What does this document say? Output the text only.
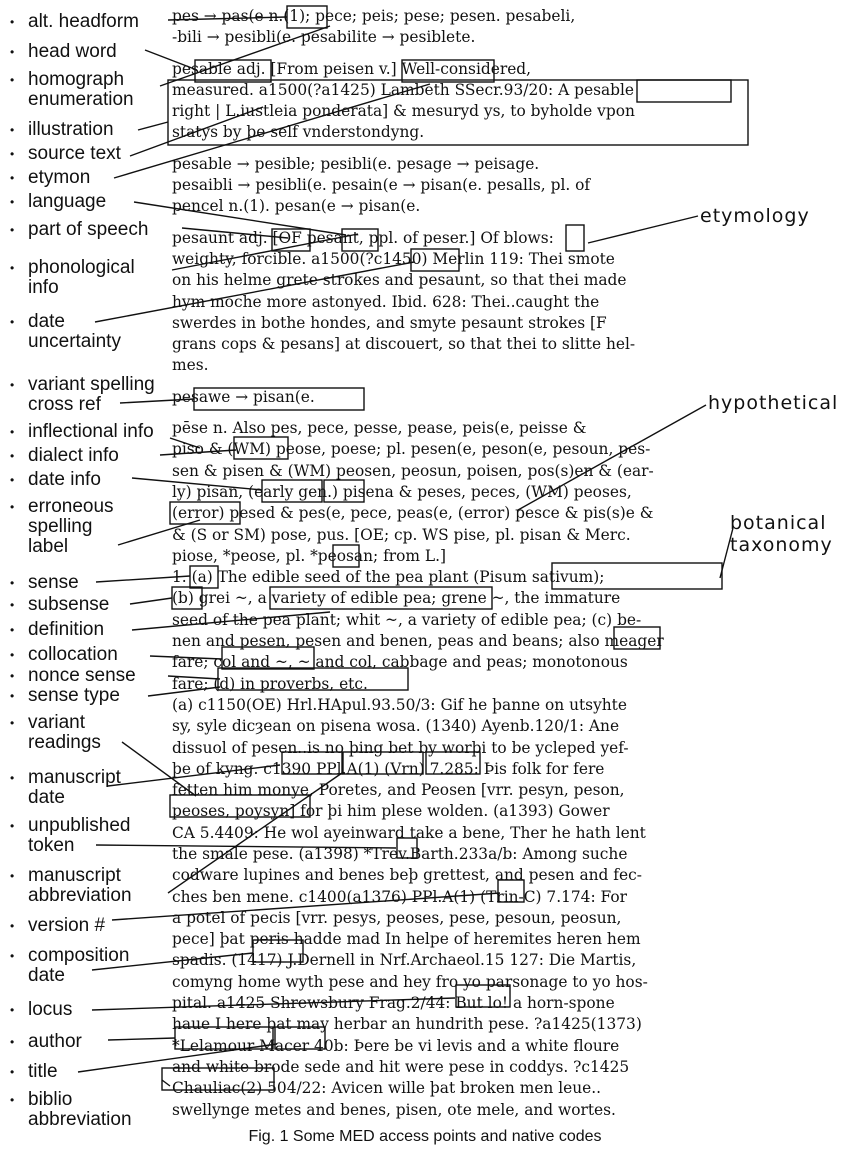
• alt. headform
• head word
• homograph
enumeration
• illustration
• source text
• etymon
• language
• part of speech
• phonological
info
• date
uncertainty
• variant spelling
cross ref
• inflectional info
• dialect info
• date info
• erroneous
spelling
label
• sense
• subsense
• definition
• collocation
• nonce sense
• sense type
• variant
readings
• manuscript
date
• unpublished
token
• manuscript
abbreviation
• version #
• composition
date
• locus
• author
• title
• biblio
abbreviation

pes → pas(e n.(1); pece; peis; pese; pesen. pesabeli,

-bili → pesibli(e. pesabilite → pesiblete.

pesable adj. [From peisen v.] Well-considered,

measured. a1500(?a1425) Lambeth SSecr.93/20: A pesable

right | L.iustleia ponderata] & mesuryd ys, to byholde vpon

statys by þe self vnderstondyng.

pesable → pesible; pesibli(e. pesage → peisage.

pesaibli → pesibli(e. pesain(e → pisan(e. pesalls, pl. of

pencel n.(1). pesan(e → pisan(e.

pesaunt adj. [OF pesant, ppl. of peser.] Of blows:

weighty, forcible. a1500(?c1450) Merlin 119: Thei smote

on his helme grete strokes and pesaunt, so that thei made

hym moche more astonyed. Ibid. 628: Thei..caught the

swerdes in bothe hondes, and smyte pesaunt strokes [F

grans cops & pesans] at discouert, so that thei to slitte hel-

mes.

pesawe → pisan(e.

pēse n. Also pes, pece, pesse, pease, peis(e, peisse &

piso & (WM) peose, poese; pl. pesen(e, peson(e, pesoun, pes-

sen & pisen & (WM) peosen, peosun, poisen, pos(s)en & (ear-

ly) pisan, (early gen.) pisena & peses, peces, (WM) peoses,

(error) pesed & pes(e, pece, peas(e, (error) pesce & pis(s)e &

& (S or SM) pose, pus. [OE; cp. WS pise, pl. pisan & Merc.

piose, *peose, pl. *peosan; from L.]

1. (a) The edible seed of the pea plant (Pisum sativum);

(b) grei ~, a variety of edible pea; grene ~, the immature

seed of the pea plant; whit ~, a variety of edible pea; (c) be-

nen and pesen, pesen and benen, peas and beans; also meager

fare; col and ~, ~ and col, cabbage and peas; monotonous

fare; (d) in proverbs, etc.

(a) c1150(OE) Hrl.HApul.93.50/3: Gif he þanne on utsyhte

sy, syle dicȝean on pisena wosa. (1340) Ayenb.120/1: Ane

dissuol of pesen..is no þing bet by worþi to be ycleped yef-

þe of kyng. c1390 PPl.A(1) (Vrn) 7.285: Þis folk for fere

fetten him monye, Poretes, and Peosen [vrr. pesyn, peson,

peoses, poysyn] for þi him plese wolden. (a1393) Gower

CA 5.4409: He wol ayeinward take a bene, Ther he hath lent

the smale pese. (a1398) *Trev.Barth.233a/b: Among suche

codware lupines and benes beþ grettest, and pesen and fec-

ches ben mene. c1400(a1376) PPl.A(1) (Trin-C) 7.174: For

a potel of pecis [vrr. pesys, peoses, pese, pesoun, peosun,

pece] þat peris hadde mad In helpe of heremites heren hem

spadis. (1417) J.Dernell in Nrf.Archaeol.15 127: Die Martis,

comyng home wyth pese and hey fro yo parsonage to yo hos-

pital. a1425 Shrewsbury Frag.2/44: But lo! a horn-spone

haue I here þat may herbar an hundrith pese. ?a1425(1373)

*Lelamour Macer 40b: Þere be vi levis and a white floure

and white brode sede and hit were pese in coddys. ?c1425

Chauliac(2) 504/22: Avicen wille þat broken men leue..

swellynge metes and benes, pisen, ote mele, and wortes.

etymology
hypothetical
botanical
taxonomy
Fig. 1 Some MED access points and native codes
